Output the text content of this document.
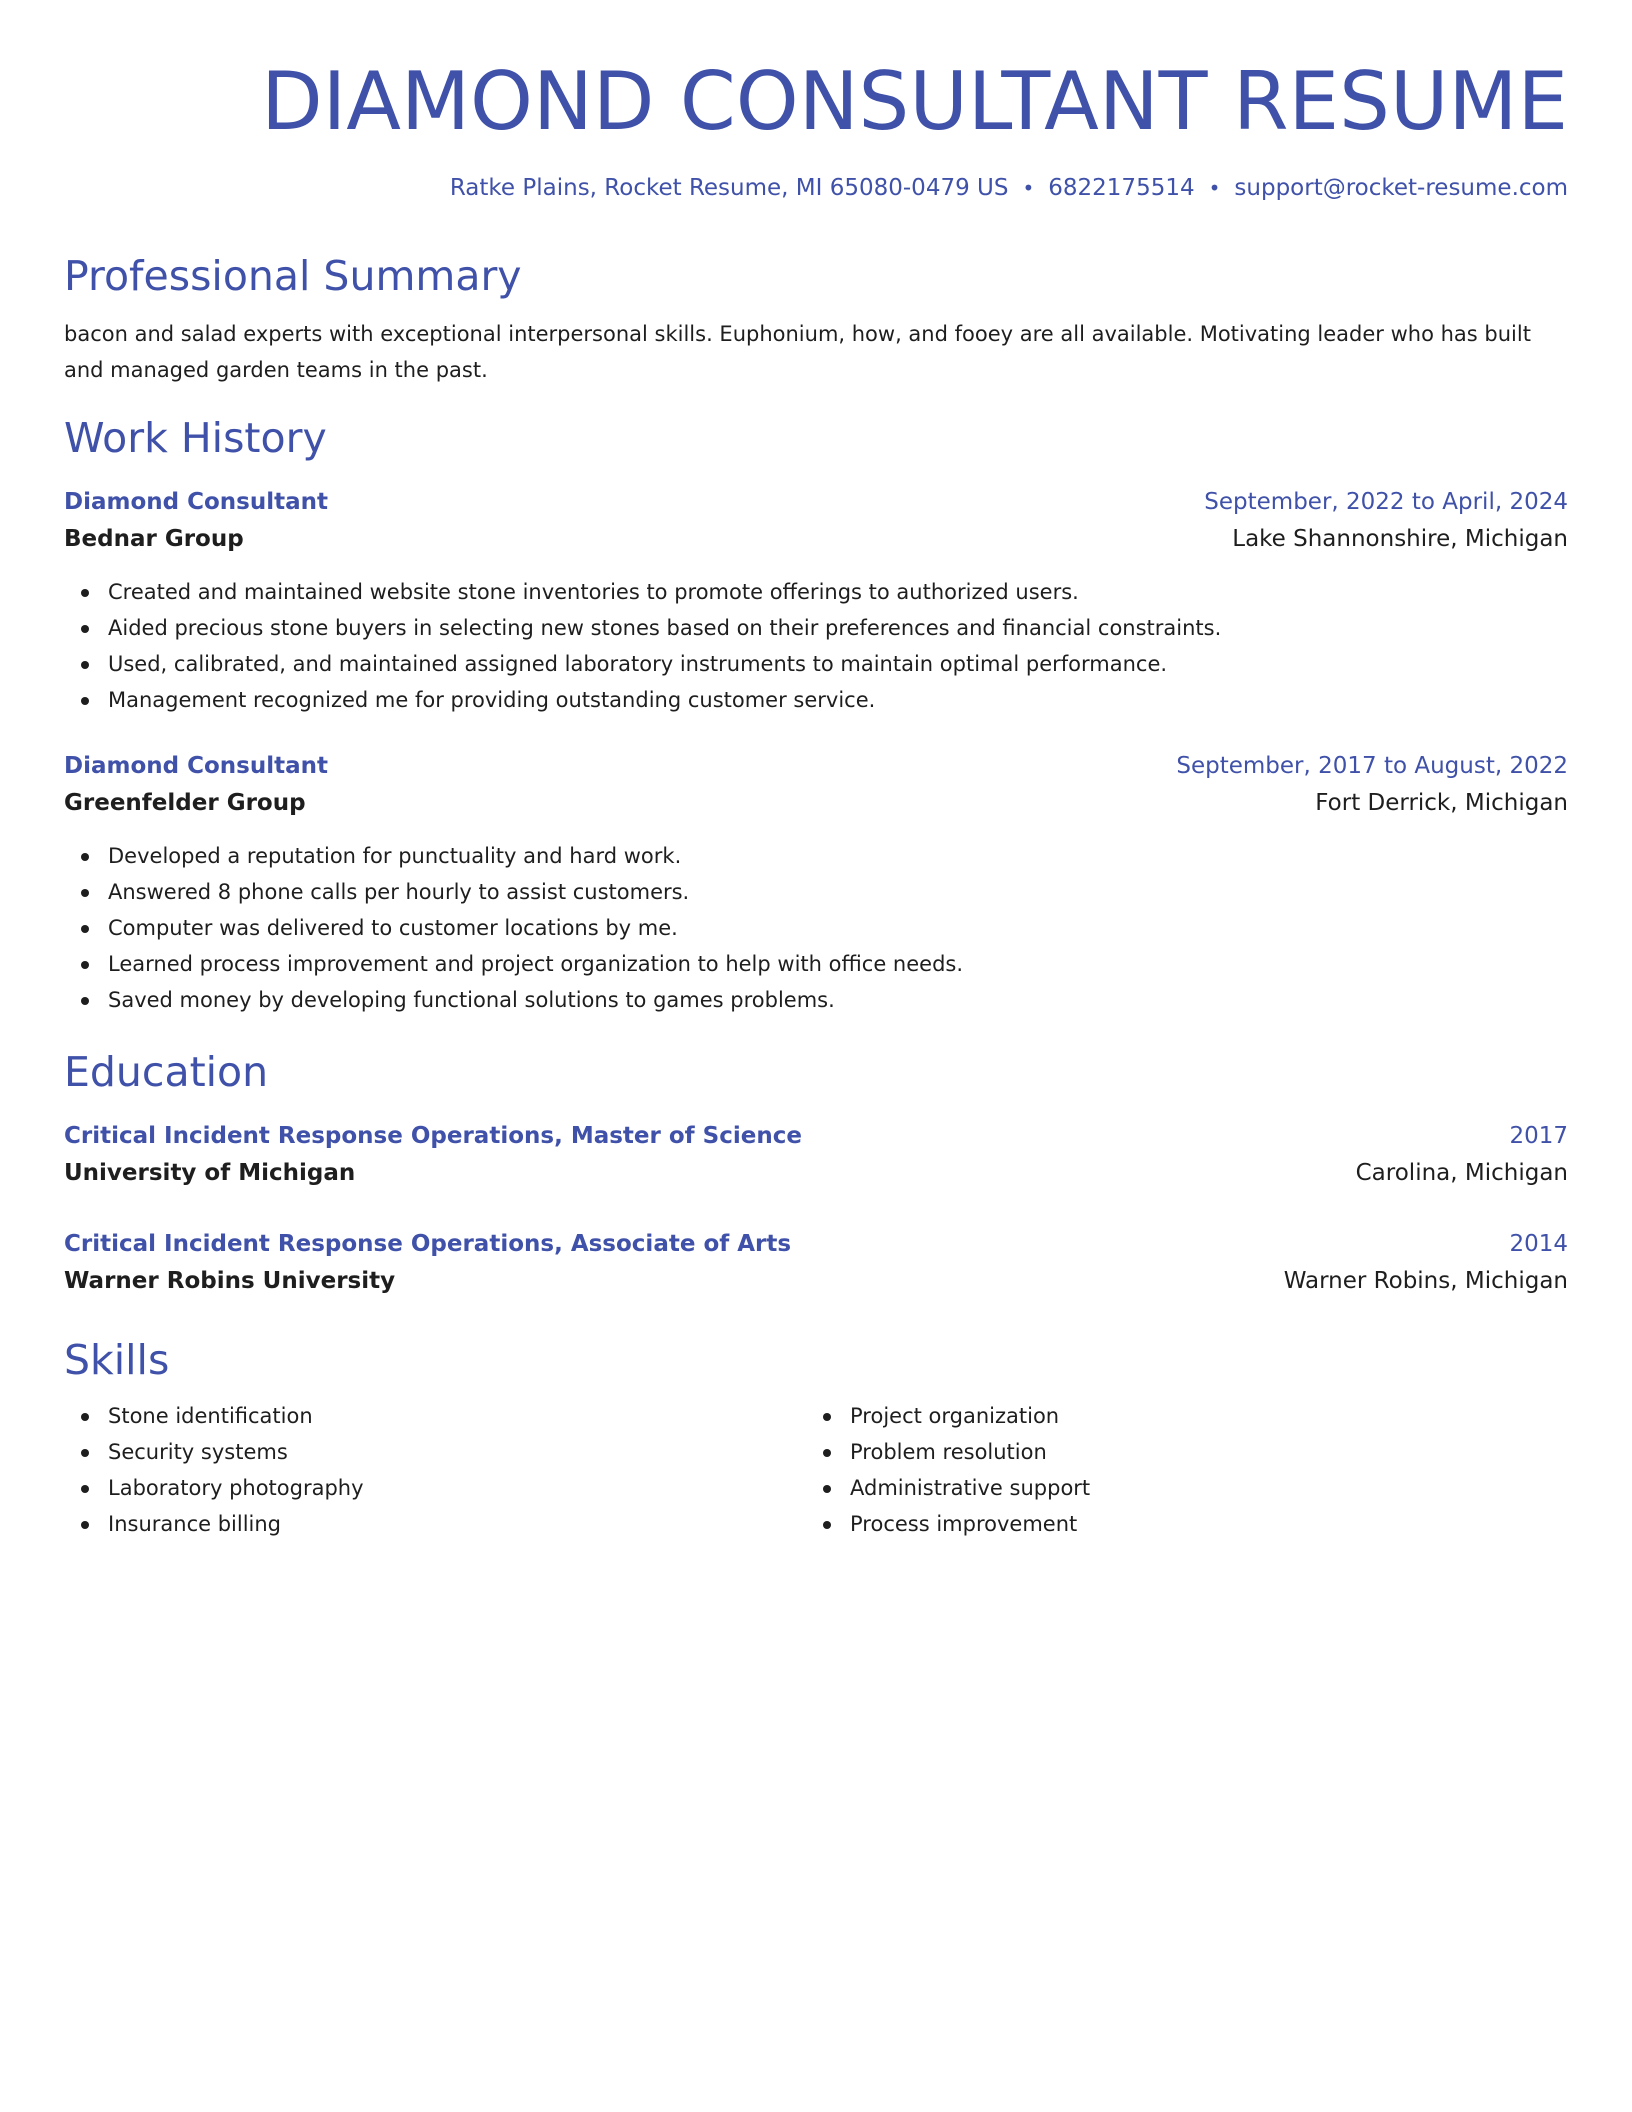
DIAMOND CONSULTANT RESUME
Ratke Plains, Rocket Resume, MI 65080-0479 US • 6822175514 • support@rocket-resume.com
Professional Summary
bacon and salad experts with exceptional interpersonal skills. Euphonium, how, and fooey are all available. Motivating leader who has built and managed garden teams in the past.
Work History
Diamond Consultant	September, 2022 to April, 2024
Bednar Group	Lake Shannonshire, Michigan
Created and maintained website stone inventories to promote offerings to authorized users.
Aided precious stone buyers in selecting new stones based on their preferences and financial constraints.
Used, calibrated, and maintained assigned laboratory instruments to maintain optimal performance.
Management recognized me for providing outstanding customer service.
Diamond Consultant	September, 2017 to August, 2022
Greenfelder Group	Fort Derrick, Michigan
Developed a reputation for punctuality and hard work.
Answered 8 phone calls per hourly to assist customers.
Computer was delivered to customer locations by me.
Learned process improvement and project organization to help with office needs.
Saved money by developing functional solutions to games problems.
Education
Critical Incident Response Operations, Master of Science	2017
University of Michigan	Carolina, Michigan
Critical Incident Response Operations, Associate of Arts	2014
Warner Robins University	Warner Robins, Michigan
Skills
Stone identification
Security systems
Laboratory photography
Insurance billing
Project organization
Problem resolution
Administrative support
Process improvement
